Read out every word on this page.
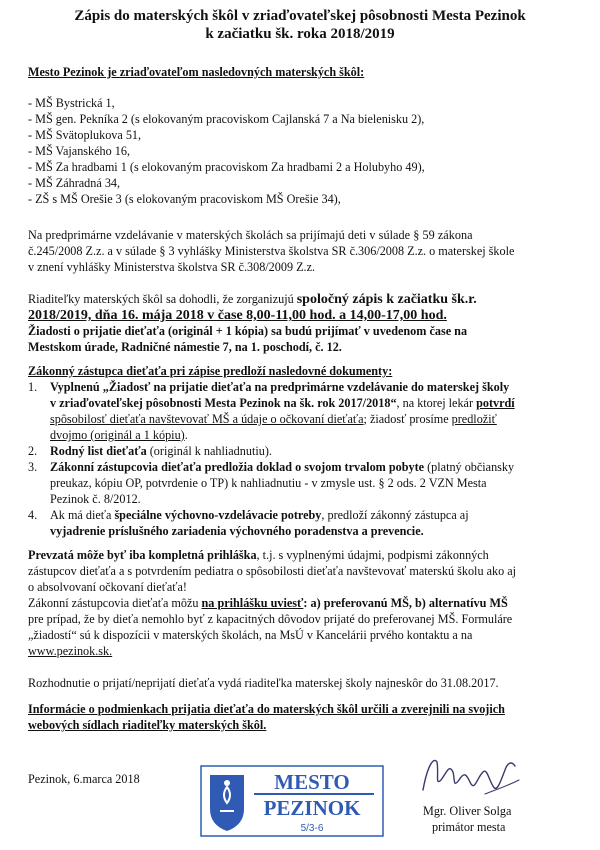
Zápis do materských škôl v zriaďovateľskej pôsobnosti Mesta Pezinok
k začiatku šk. roka 2018/2019
Mesto Pezinok je zriaďovateľom nasledovných materských škôl:
- MŠ Bystrická 1,
- MŠ gen. Pekníka 2 (s elokovaným pracoviskom Cajlanská 7 a Na bielenisku 2),
- MŠ Svätoplukova 51,
- MŠ Vajanského 16,
- MŠ Za hradbami 1 (s elokovaným pracoviskom Za hradbami 2 a Holubyho 49),
- MŠ Záhradná 34,
- ZŠ s MŠ Orešie 3 (s elokovaným pracoviskom MŠ Orešie 34),
Na predprimárne vzdelávanie v materských školách sa prijímajú deti v súlade § 59 zákona
č.245/2008 Z.z. a v súlade § 3 vyhlášky Ministerstva školstva SR č.306/2008 Z.z. o materskej škole
v znení vyhlášky Ministerstva školstva SR č.308/2009 Z.z.
Riaditeľky materských škôl sa dohodli, že zorganizujú spoločný zápis k začiatku šk.r.
2018/2019, dňa 16. mája 2018 v čase 8,00-11,00 hod. a 14,00-17,00 hod.
Žiadosti o prijatie dieťaťa (originál + 1 kópia) sa budú prijímať v uvedenom čase na
Mestskom úrade, Radničné námestie 7, na 1. poschodí, č. 12.
Zákonný zástupca dieťaťa pri zápise predloží nasledovné dokumenty:
1. Vyplnenú „Žiadosť na prijatie dieťaťa na predprimárne vzdelávanie do materskej školy
v zriaďovateľskej pôsobnosti Mesta Pezinok na šk. rok 2017/2018“, na ktorej lekár potvrdí
spôsobilosť dieťaťa navštevovať MŠ a údaje o očkovaní dieťaťa; žiadosť prosíme predložiť
dvojmo (originál a 1 kópiu).
2. Rodný list dieťaťa (originál k nahliadnutiu).
3. Zákonní zástupcovia dieťaťa predložia doklad o svojom trvalom pobyte (platný občiansky
preukaz, kópiu OP, potvrdenie o TP) k nahliadnutiu - v zmysle ust. § 2 ods. 2 VZN Mesta
Pezinok č. 8/2012.
4. Ak má dieťa špeciálne výchovno-vzdelávacie potreby, predloží zákonný zástupca aj
vyjadrenie príslušného zariadenia výchovného poradenstva a prevencie.
Prevzatá môže byť iba kompletná prihláška, t.j. s vyplnenými údajmi, podpismi zákonných
zástupcov dieťaťa a s potvrdením pediatra o spôsobilosti dieťaťa navštevovať materskú školu ako aj
o absolvovaní očkovaní dieťaťa!
Zákonní zástupcovia dieťaťa môžu na prihlášku uviesť: a) preferovanú MŠ, b) alternatívu MŠ
pre prípad, že by dieťa nemohlo byť z kapacitných dôvodov prijaté do preferovanej MŠ. Formuláre
„žiadostí“ sú k dispozícii v materských školách, na MsÚ v Kancelárii prvého kontaktu a na
www.pezinok.sk.
Rozhodnutie o prijatí/neprijatí dieťaťa vydá riaditeľka materskej školy najneskôr do 31.08.2017.
Informácie o podmienkach prijatia dieťaťa do materských škôl určili a zverejnili na svojich
webových sídlach riaditeľky materských škôl.
Pezinok, 6.marca 2018	MESTO
PEZINOK
5/3-6
Mgr. Oliver Solga
primátor mesta
